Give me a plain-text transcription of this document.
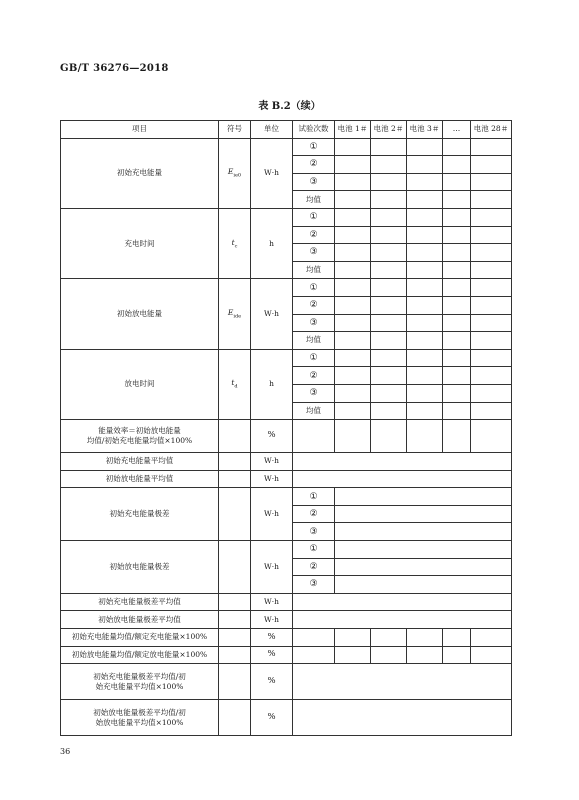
GB/T 36276—2018
表 B.2（续）
项目	符号	单位	试验次数	电池 1＃	电池 2＃	电池 3＃	…	电池 28＃
初始充电能量	$E_{ie0}$	W·h	①					
			②					
			③					
			均值					
充电时间	$t_c$	h	①					
			②					
			③					
			均值					
初始放电能量	$E_{ide}$	W·h	①					
			②					
			③					
			均值					
放电时间	$t_d$	h	①					
			②					
			③					
			均值					
能量效率＝初始放电能量
均值/初始充电能量均值×100%		%						
初始充电能量平均值		W·h						
初始放电能量平均值		W·h						
初始充电能量极差		W·h	①					
			②					
			③					
初始放电能量极差		W·h	①					
			②					
			③					
初始充电能量极差平均值		W·h						
初始放电能量极差平均值		W·h						
初始充电能量均值/额定充电能量×100%		%						
初始放电能量均值/额定放电能量×100%		%						
初始充电能量极差平均值/初
始充电能量平均值×100%		%						
初始放电能量极差平均值/初
始放电能量平均值×100%		%						
36
